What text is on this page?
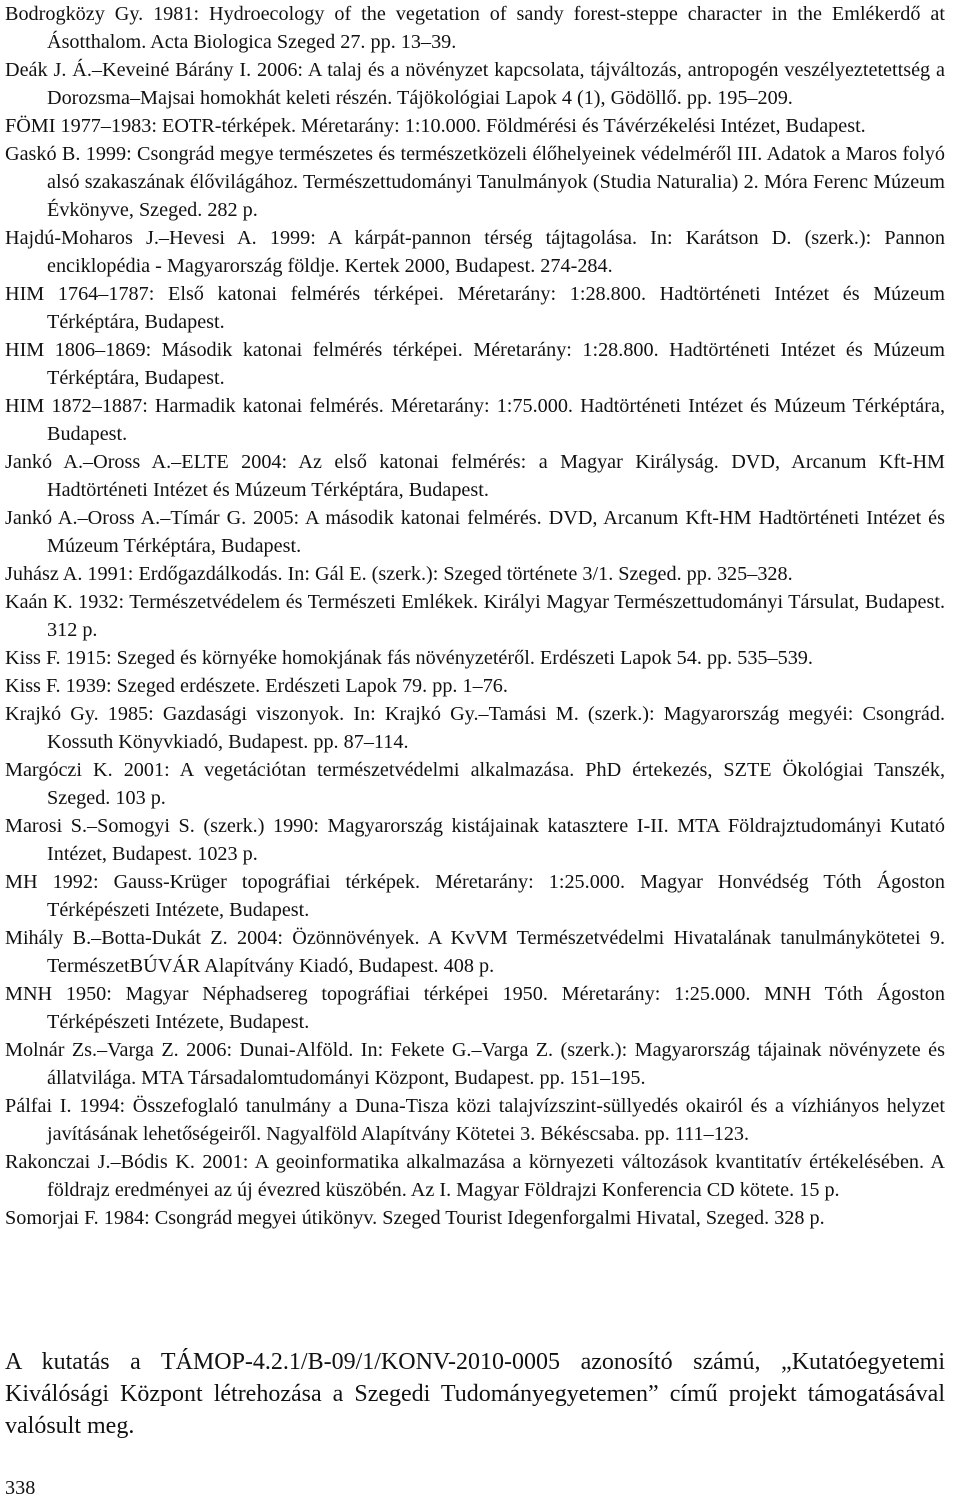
Bodrogközy Gy. 1981: Hydroecology of the vegetation of sandy forest-steppe character in the Emlékerdő at Ásotthalom. Acta Biologica Szeged 27. pp. 13–39.

Deák J. Á.–Keveiné Bárány I. 2006: A talaj és a növényzet kapcsolata, tájváltozás, antropogén veszélyeztetettség a Dorozsma–Majsai homokhát keleti részén. Tájökológiai Lapok 4 (1), Gödöllő. pp. 195–209.

FÖMI 1977–1983: EOTR-térképek. Méretarány: 1:10.000. Földmérési és Távérzékelési Intézet, Budapest.

Gaskó B. 1999: Csongrád megye természetes és természetközeli élőhelyeinek védelméről III. Adatok a Maros folyó alsó szakaszának élővilágához. Természettudományi Tanulmányok (Studia Naturalia) 2. Móra Ferenc Múzeum Évkönyve, Szeged. 282 p.

Hajdú-Moharos J.–Hevesi A. 1999: A kárpát-pannon térség tájtagolása. In: Karátson D. (szerk.): Pannon enciklopédia - Magyarország földje. Kertek 2000, Budapest. 274-284.

HIM 1764–1787: Első katonai felmérés térképei. Méretarány: 1:28.800. Hadtörténeti Intézet és Múzeum Térképtára, Budapest.

HIM 1806–1869: Második katonai felmérés térképei. Méretarány: 1:28.800. Hadtörténeti Intézet és Múzeum Térképtára, Budapest.

HIM 1872–1887: Harmadik katonai felmérés. Méretarány: 1:75.000. Hadtörténeti Intézet és Múzeum Térképtára, Budapest.

Jankó A.–Oross A.–ELTE 2004: Az első katonai felmérés: a Magyar Királyság. DVD, Arcanum Kft-HM Hadtörténeti Intézet és Múzeum Térképtára, Budapest.

Jankó A.–Oross A.–Tímár G. 2005: A második katonai felmérés. DVD, Arcanum Kft-HM Hadtörténeti Intézet és Múzeum Térképtára, Budapest.

Juhász A. 1991: Erdőgazdálkodás. In: Gál E. (szerk.): Szeged története 3/1. Szeged. pp. 325–328.

Kaán K. 1932: Természetvédelem és Természeti Emlékek. Királyi Magyar Természettudományi Társulat, Budapest. 312 p.

Kiss F. 1915: Szeged és környéke homokjának fás növényzetéről. Erdészeti Lapok 54. pp. 535–539.

Kiss F. 1939: Szeged erdészete. Erdészeti Lapok 79. pp. 1–76.

Krajkó Gy. 1985: Gazdasági viszonyok. In: Krajkó Gy.–Tamási M. (szerk.): Magyarország megyéi: Csongrád. Kossuth Könyvkiadó, Budapest. pp. 87–114.

Margóczi K. 2001: A vegetációtan természetvédelmi alkalmazása. PhD értekezés, SZTE Ökológiai Tanszék, Szeged. 103 p.

Marosi S.–Somogyi S. (szerk.) 1990: Magyarország kistájainak katasztere I-II. MTA Földrajztudományi Kutató Intézet, Budapest. 1023 p.

MH 1992: Gauss-Krüger topográfiai térképek. Méretarány: 1:25.000. Magyar Honvédség Tóth Ágoston Térképészeti Intézete, Budapest.

Mihály B.–Botta-Dukát Z. 2004: Özönnövények. A KvVM Természetvédelmi Hivatalának tanulmánykötetei 9. TermészetBÚVÁR Alapítvány Kiadó, Budapest. 408 p.

MNH 1950: Magyar Néphadsereg topográfiai térképei 1950. Méretarány: 1:25.000. MNH Tóth Ágoston Térképészeti Intézete, Budapest.

Molnár Zs.–Varga Z. 2006: Dunai-Alföld. In: Fekete G.–Varga Z. (szerk.): Magyarország tájainak növényzete és állatvilága. MTA Társadalomtudományi Központ, Budapest. pp. 151–195.

Pálfai I. 1994: Összefoglaló tanulmány a Duna-Tisza közi talajvízszint-süllyedés okairól és a vízhiányos helyzet javításának lehetőségeiről. Nagyalföld Alapítvány Kötetei 3. Békéscsaba. pp. 111–123.

Rakonczai J.–Bódis K. 2001: A geoinformatika alkalmazása a környezeti változások kvantitatív értékelésében. A földrajz eredményei az új évezred küszöbén. Az I. Magyar Földrajzi Konferencia CD kötete. 15 p.

Somorjai F. 1984: Csongrád megyei útikönyv. Szeged Tourist Idegenforgalmi Hivatal, Szeged. 328 p.

A kutatás a TÁMOP-4.2.1/B-09/1/KONV-2010-0005 azonosító számú, „Kutatóegyetemi Kiválósági Központ létrehozása a Szegedi Tudományegyetemen” című projekt támogatásával valósult meg.

338
